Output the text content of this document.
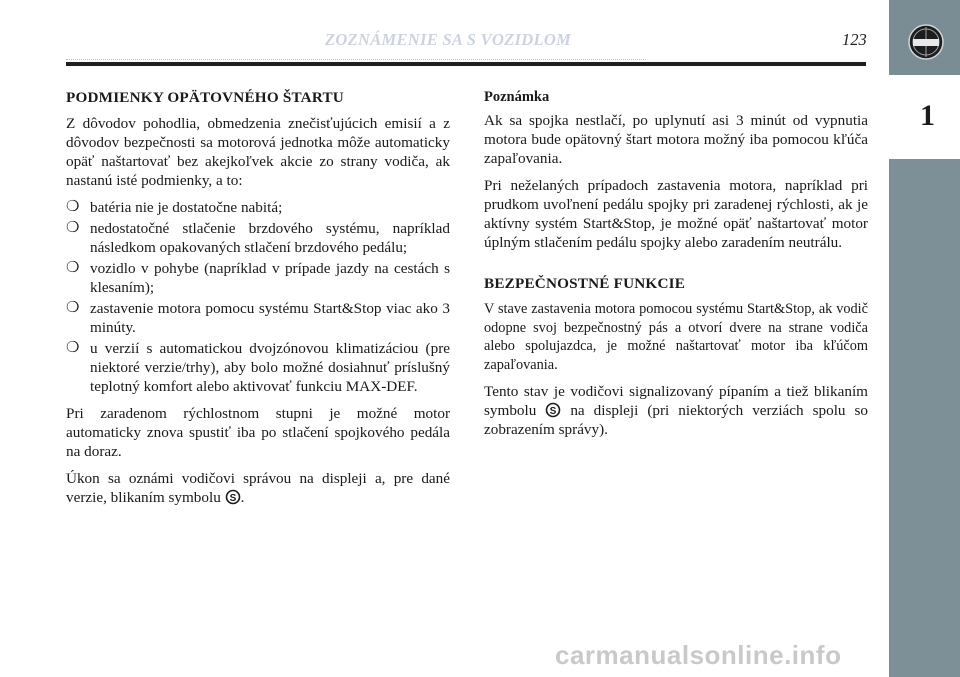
ZOZNÁMENIE SA S VOZIDLOM	123
1
PODMIENKY OPÄTOVNÉHO ŠTARTU

Z dôvodov pohodlia, obmedzenia znečisťujúcich emisií a z dôvodov bezpečnosti sa motorová jednotka môže automaticky opäť naštartovať bez akejkoľvek akcie zo strany vodiča, ak nastanú isté podmienky, a to:

❍ batéria nie je dostatočne nabitá;
❍ nedostatočné stlačenie brzdového systému, napríklad následkom opakovaných stlačení brzdového pedálu;
❍ vozidlo v pohybe (napríklad v prípade jazdy na cestách s klesaním);
❍ zastavenie motora pomocu systému Start&Stop viac ako 3 minúty.
❍ u verzií s automatickou dvojzónovou klimatizáciou (pre niektoré verzie/trhy), aby bolo možné dosiahnuť príslušný teplotný komfort alebo aktivovať funkciu MAX-DEF.

Pri zaradenom rýchlostnom stupni je možné motor automaticky znova spustiť iba po stlačení spojkového pedála na doraz.

Úkon sa oznámi vodičovi správou na displeji a, pre dané verzie, blikaním symbolu S .

Poznámka

Ak sa spojka nestlačí, po uplynutí asi 3 minút od vypnutia motora bude opätovný štart motora možný iba pomocou kľúča zapaľovania.

Pri neželaných prípadoch zastavenia motora, napríklad pri prudkom uvoľnení pedálu spojky pri zaradenej rýchlosti, ak je aktívny systém Start&Stop, je možné opäť naštartovať motor úplným stlačením pedálu spojky alebo zaradením neutrálu.

BEZPEČNOSTNÉ FUNKCIE

V stave zastavenia motora pomocou systému Start&Stop, ak vodič odopne svoj bezpečnostný pás a otvorí dvere na strane vodiča alebo spolujazdca, je možné naštartovať motor iba kľúčom zapaľovania.

Tento stav je vodičovi signalizovaný pípaním a tiež blikaním symbolu S na displeji (pri niektorých verziách spolu so zobrazením správy).

carmanualsonline.info
